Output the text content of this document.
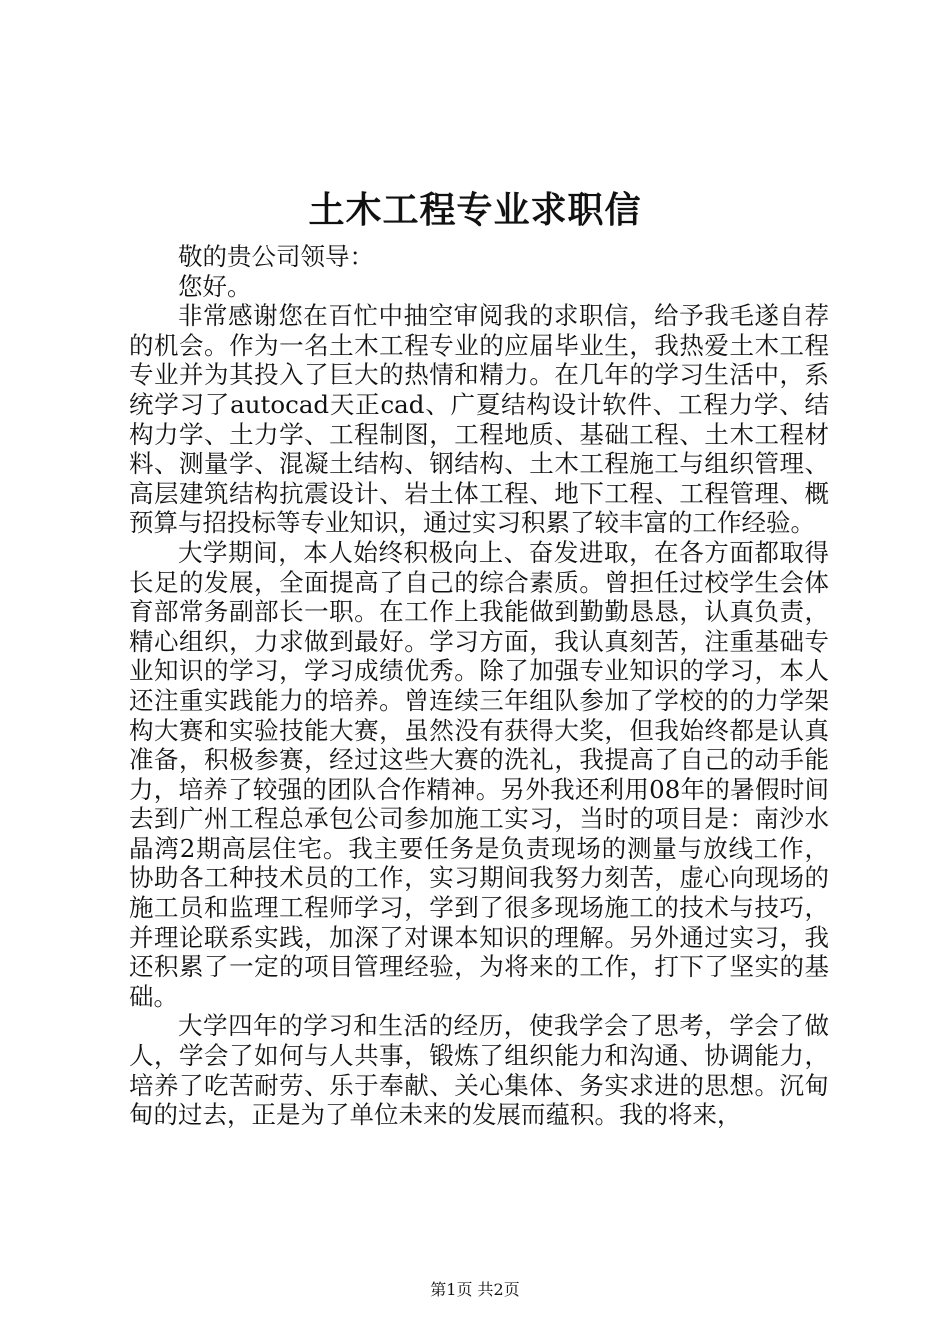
土木工程专业求职信

敬的贵公司领导：

您好。

非常感谢您在百忙中抽空审阅我的求职信，给予我毛遂自荐的机会。作为一名土木工程专业的应届毕业生，我热爱土木工程专业并为其投入了巨大的热情和精力。在几年的学习生活中，系统学习了autocad天正cad、广夏结构设计软件、工程力学、结构力学、土力学、工程制图，工程地质、基础工程、土木工程材料、测量学、混凝土结构、钢结构、土木工程施工与组织管理、高层建筑结构抗震设计、岩土体工程、地下工程、工程管理、概预算与招投标等专业知识，通过实习积累了较丰富的工作经验。

大学期间，本人始终积极向上、奋发进取，在各方面都取得长足的发展，全面提高了自己的综合素质。曾担任过校学生会体育部常务副部长一职。在工作上我能做到勤勤恳恳，认真负责，精心组织，力求做到最好。学习方面，我认真刻苦，注重基础专业知识的学习，学习成绩优秀。除了加强专业知识的学习，本人还注重实践能力的培养。曾连续三年组队参加了学校的的力学架构大赛和实验技能大赛，虽然没有获得大奖，但我始终都是认真准备，积极参赛，经过这些大赛的洗礼，我提高了自己的动手能力，培养了较强的团队合作精神。另外我还利用08年的暑假时间去到广州工程总承包公司参加施工实习，当时的项目是：南沙水晶湾2期高层住宅。我主要任务是负责现场的测量与放线工作，协助各工种技术员的工作，实习期间我努力刻苦，虚心向现场的施工员和监理工程师学习，学到了很多现场施工的技术与技巧，并理论联系实践，加深了对课本知识的理解。另外通过实习，我还积累了一定的项目管理经验，为将来的工作，打下了坚实的基础。

大学四年的学习和生活的经历，使我学会了思考，学会了做人，学会了如何与人共事，锻炼了组织能力和沟通、协调能力，培养了吃苦耐劳、乐于奉献、关心集体、务实求进的思想。沉甸甸的过去，正是为了单位未来的发展而蕴积。我的将来，

第1页 共2页
